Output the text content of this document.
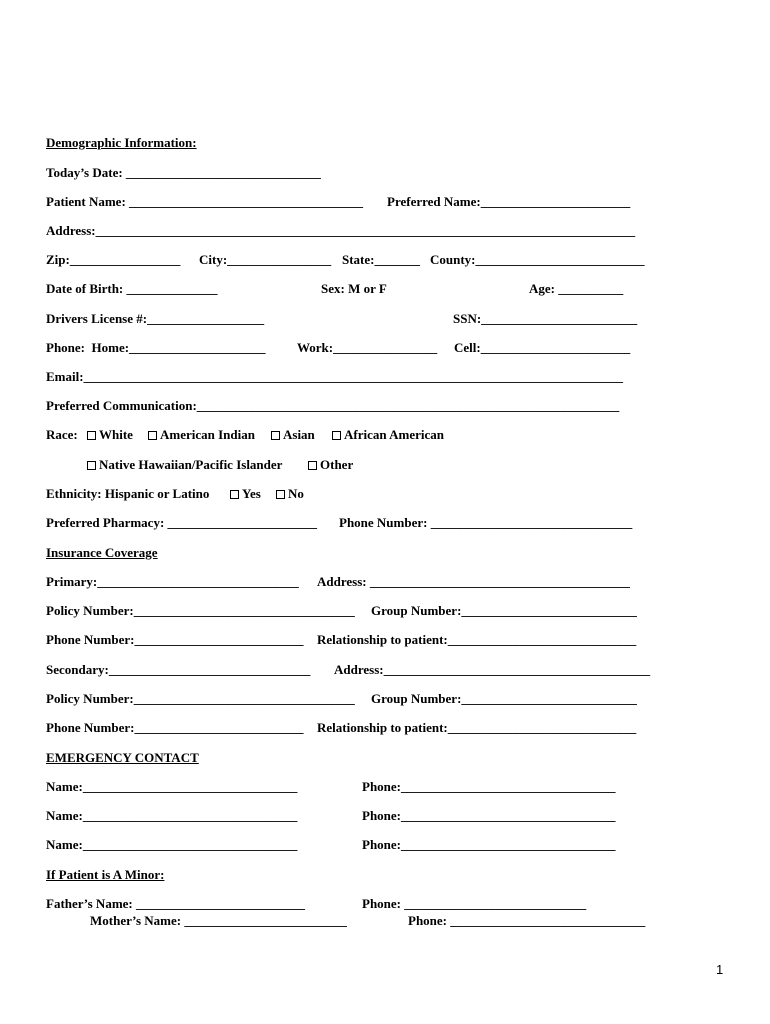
Demographic Information:
Today’s Date: ______________________________
Patient Name: ____________________________________ Preferred Name:_______________________
Address:___________________________________________________________________________________
Zip:_________________ City:________________ State:_______ County:__________________________
Date of Birth: ______________	Sex: M or F	Age: __________
Drivers License #:__________________	SSN:________________________
Phone:  Home:_____________________ Work:________________ Cell:_______________________
Email:___________________________________________________________________________________
Preferred Communication:_________________________________________________________________
Race:	White	American Indian	Asian	African American
Native Hawaiian/Pacific Islander	Other
Ethnicity: Hispanic or Latino	Yes	No
Preferred Pharmacy: _______________________ Phone Number: _______________________________
Insurance Coverage
Primary:_______________________________ Address: ________________________________________
Policy Number:__________________________________ Group Number:___________________________
Phone Number:__________________________ Relationship to patient:_____________________________
Secondary:_______________________________ Address:_________________________________________
Policy Number:__________________________________ Group Number:___________________________
Phone Number:__________________________ Relationship to patient:_____________________________
EMERGENCY CONTACT
Name:_________________________________	Phone:_________________________________
Name:_________________________________	Phone:_________________________________
Name:_________________________________	Phone:_________________________________
If Patient is A Minor:
Father’s Name: __________________________	Phone: ____________________________
Mother’s Name: _________________________	Phone: ______________________________
1
